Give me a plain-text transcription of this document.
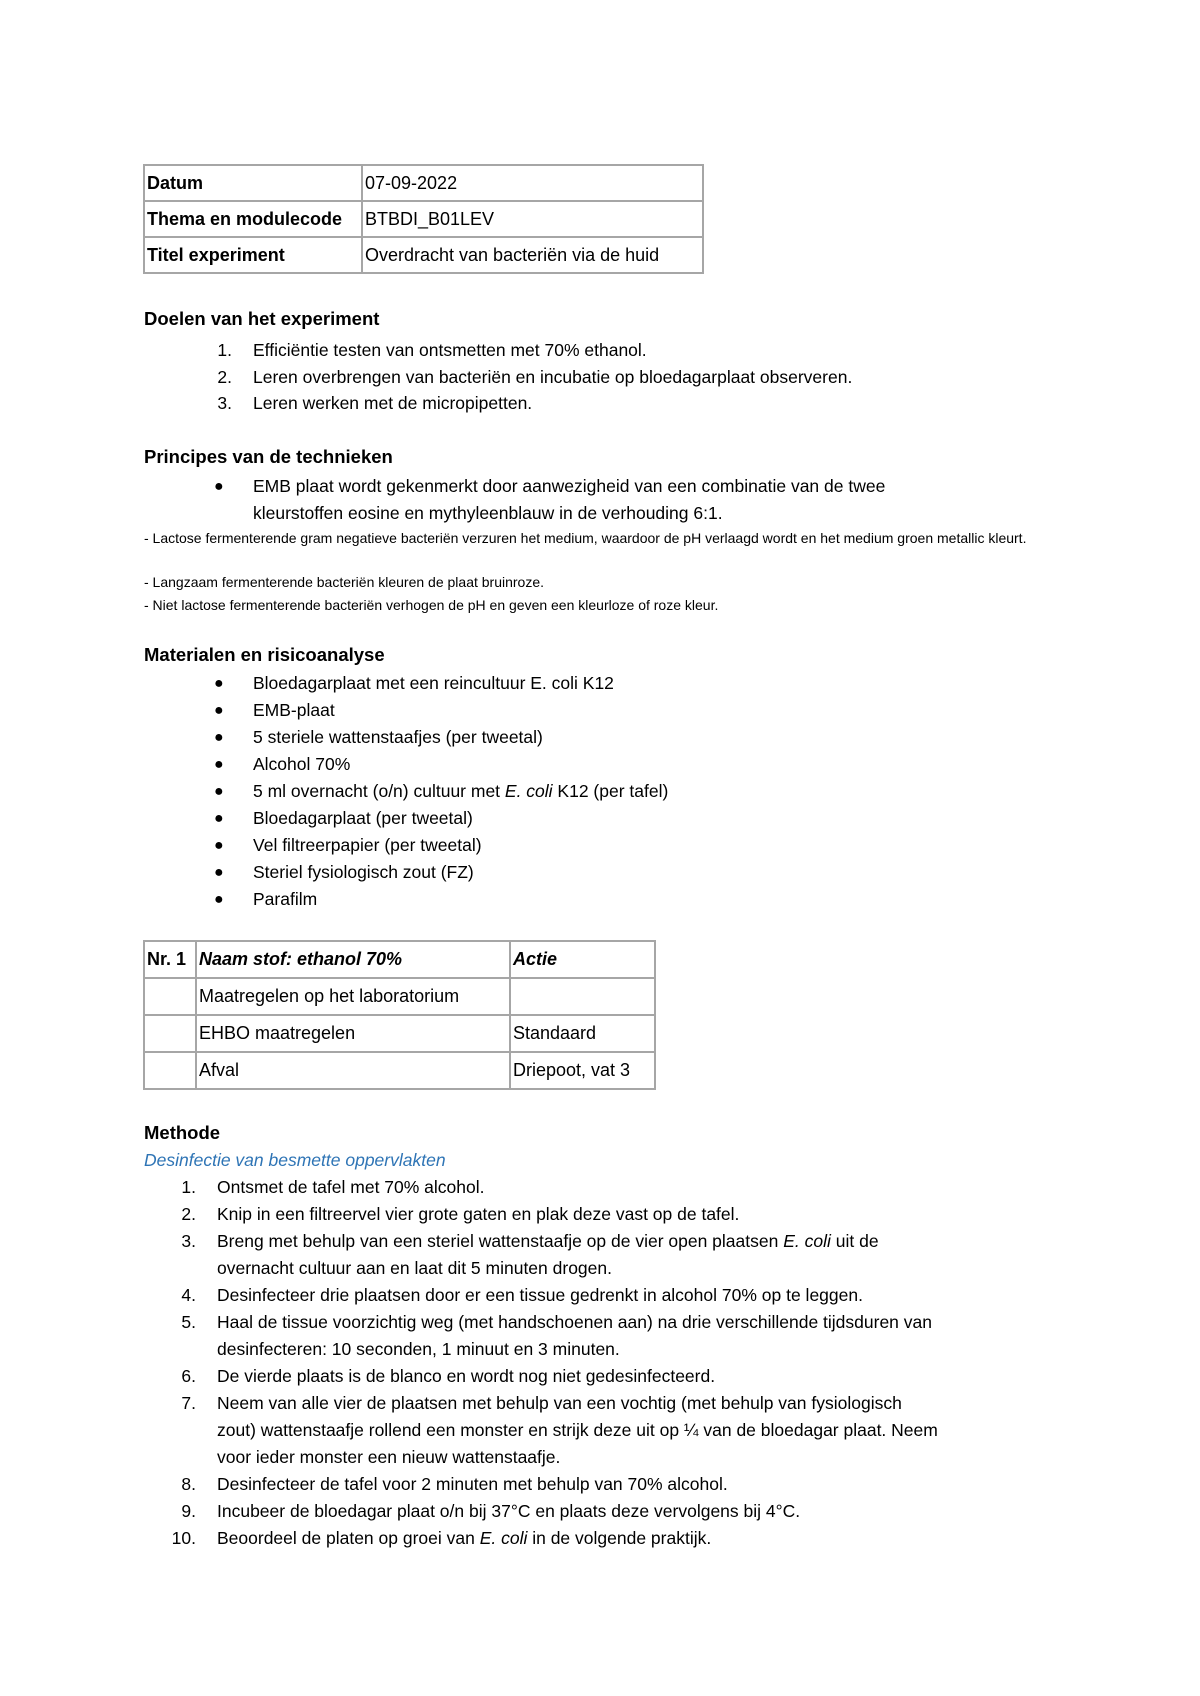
Datum	07-09-2022
Thema en modulecode	BTBDI_B01LEV
Titel experiment	Overdracht van bacteriën via de huid
Doelen van het experiment
1. Efficiëntie testen van ontsmetten met 70% ethanol.
2. Leren overbrengen van bacteriën en incubatie op bloedagarplaat observeren.
3. Leren werken met de micropipetten.
Principes van de technieken
● EMB plaat wordt gekenmerkt door aanwezigheid van een combinatie van de twee
kleurstoffen eosine en mythyleenblauw in de verhouding 6:1.
- Lactose fermenterende gram negatieve bacteriën verzuren het medium, waardoor de pH verlaagd wordt en het medium groen metallic kleurt.
- Langzaam fermenterende bacteriën kleuren de plaat bruinroze.
- Niet lactose fermenterende bacteriën verhogen de pH en geven een kleurloze of roze kleur.
Materialen en risicoanalyse
● Bloedagarplaat met een reincultuur E. coli K12
● EMB-plaat
● 5 steriele wattenstaafjes (per tweetal)
● Alcohol 70%
● 5 ml overnacht (o/n) cultuur met E. coli K12 (per tafel)
● Bloedagarplaat (per tweetal)
● Vel filtreerpapier (per tweetal)
● Steriel fysiologisch zout (FZ)
● Parafilm
Nr. 1	Naam stof: ethanol 70%	Actie
	Maatregelen op het laboratorium	
	EHBO maatregelen	Standaard
	Afval	Driepoot, vat 3
Methode
Desinfectie van besmette oppervlakten
1. Ontsmet de tafel met 70% alcohol.
2. Knip in een filtreervel vier grote gaten en plak deze vast op de tafel.
3. Breng met behulp van een steriel wattenstaafje op de vier open plaatsen E. coli uit de
overnacht cultuur aan en laat dit 5 minuten drogen.
4. Desinfecteer drie plaatsen door er een tissue gedrenkt in alcohol 70% op te leggen.
5. Haal de tissue voorzichtig weg (met handschoenen aan) na drie verschillende tijdsduren van
desinfecteren: 10 seconden, 1 minuut en 3 minuten.
6. De vierde plaats is de blanco en wordt nog niet gedesinfecteerd.
7. Neem van alle vier de plaatsen met behulp van een vochtig (met behulp van fysiologisch
zout) wattenstaafje rollend een monster en strijk deze uit op ¼ van de bloedagar plaat. Neem
voor ieder monster een nieuw wattenstaafje.
8. Desinfecteer de tafel voor 2 minuten met behulp van 70% alcohol.
9. Incubeer de bloedagar plaat o/n bij 37°C en plaats deze vervolgens bij 4°C.
10. Beoordeel de platen op groei van E. coli in de volgende praktijk.
